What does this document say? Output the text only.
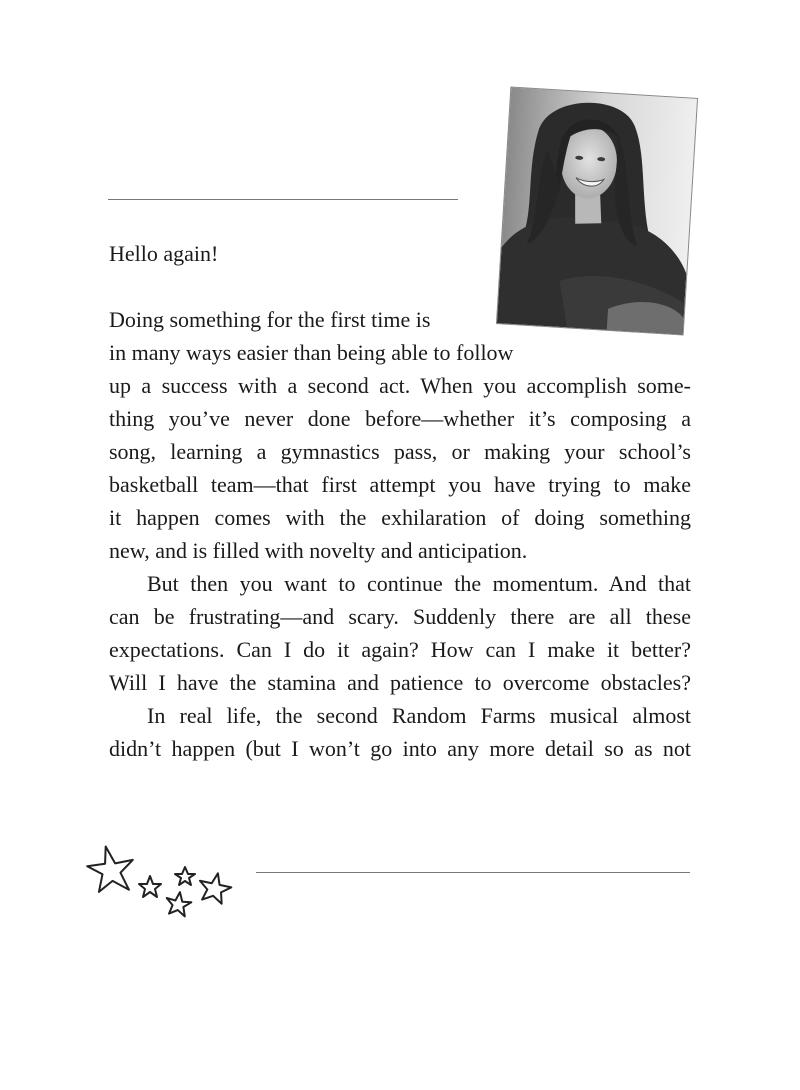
Hello again!

Doing something for the first time is
in many ways easier than being able to follow
up a success with a second act. When you accomplish some-
thing you’ve never done before—whether it’s composing a
song, learning a gymnastics pass, or making your school’s
basketball team—that first attempt you have trying to make
it happen comes with the exhilaration of doing something
new, and is filled with novelty and anticipation.

But then you want to continue the momentum. And that
can be frustrating—and scary. Suddenly there are all these
expectations. Can I do it again? How can I make it better?
Will I have the stamina and patience to overcome obstacles?

In real life, the second Random Farms musical almost
didn’t happen (but I won’t go into any more detail so as not
